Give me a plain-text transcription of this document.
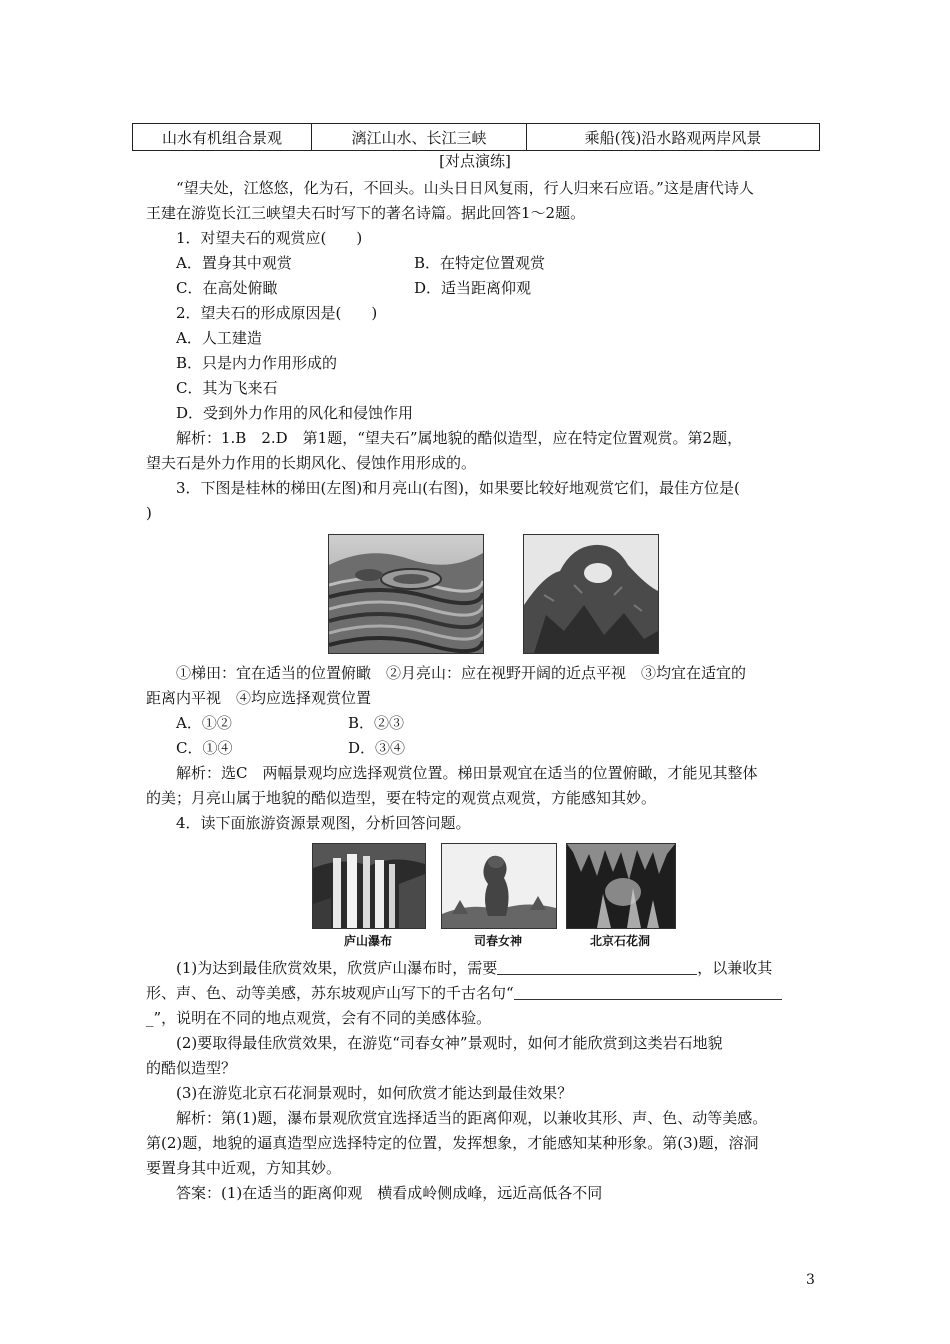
山水有机组合景观	漓江山水、长江三峡	乘船(筏)沿水路观两岸风景
[对点演练]
“望夫处，江悠悠，化为石，不回头。山头日日风复雨，行人归来石应语。”这是唐代诗人
王建在游览长江三峡望夫石时写下的著名诗篇。据此回答1～2题。
1．对望夫石的观赏应(　　)
A．置身其中观赏	B．在特定位置观赏
C．在高处俯瞰	D．适当距离仰观
2．望夫石的形成原因是(　　)
A．人工建造
B．只是内力作用形成的
C．其为飞来石
D．受到外力作用的风化和侵蚀作用
解析：1.B　2.D　第1题，“望夫石”属地貌的酷似造型，应在特定位置观赏。第2题，
望夫石是外力作用的长期风化、侵蚀作用形成的。
3．下图是桂林的梯田(左图)和月亮山(右图)，如果要比较好地观赏它们，最佳方位是(
)
①梯田：宜在适当的位置俯瞰　②月亮山：应在视野开阔的近点平视　③均宜在适宜的
距离内平视　④均应选择观赏位置
A．①②	B．②③
C．①④	D．③④
解析：选C　两幅景观均应选择观赏位置。梯田景观宜在适当的位置俯瞰，才能见其整体
的美；月亮山属于地貌的酷似造型，要在特定的观赏点观赏，方能感知其妙。
4．读下面旅游资源景观图，分析回答问题。
庐山瀑布	司春女神	北京石花洞
(1)为达到最佳欣赏效果，欣赏庐山瀑布时，需要	，以兼收其
形、声、色、动等美感，苏东坡观庐山写下的千古名句“
_”，说明在不同的地点观赏，会有不同的美感体验。
(2)要取得最佳欣赏效果，在游览“司春女神”景观时，如何才能欣赏到这类岩石地貌
的酷似造型？
(3)在游览北京石花洞景观时，如何欣赏才能达到最佳效果？
解析：第(1)题，瀑布景观欣赏宜选择适当的距离仰观，以兼收其形、声、色、动等美感。
第(2)题，地貌的逼真造型应选择特定的位置，发挥想象，才能感知某种形象。第(3)题，溶洞
要置身其中近观，方知其妙。
答案：(1)在适当的距离仰观　横看成岭侧成峰，远近高低各不同
3
